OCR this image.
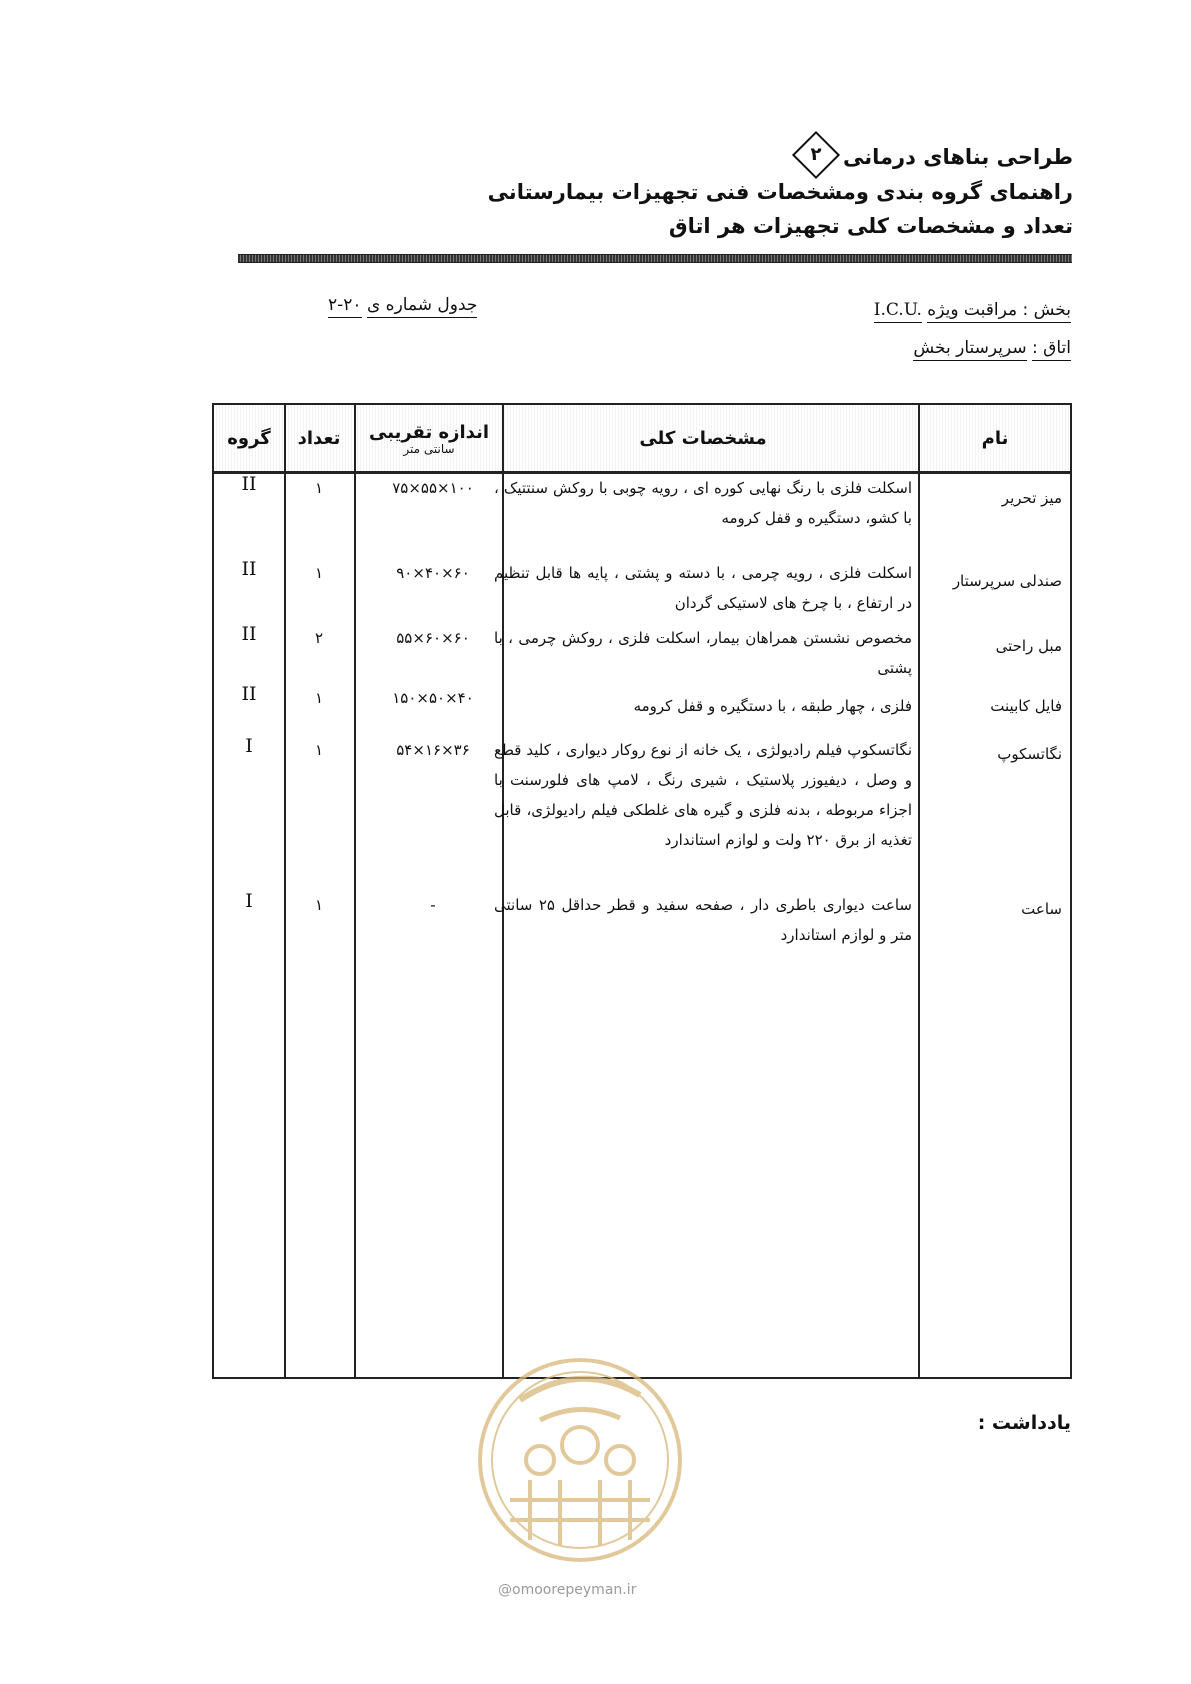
طراحی بناهای درمانی
۲
راهنمای گروه بندی ومشخصات فنی تجهیزات بیمارستانی
تعداد و مشخصات کلی تجهیزات هر اتاق
بخش : مراقبت ویژه I.C.U.
اتاق : سرپرستار بخش
جدول شماره ی ۲۰-۲
نام
مشخصات کلی
اندازه تقریبی
سانتی متر
تعداد
گروه
میز تحریر
اسکلت فلزی با رنگ نهایی کوره ای ، رویه چوبی با روکش سنتتیک ، با کشو، دستگیره و قفل کرومه
۱۰۰×۵۵×۷۵
۱
II
صندلی سرپرستار
اسکلت فلزی ، رویه چرمی ، با دسته و پشتی ، پایه ها قابل تنظیم در ارتفاع ، با چرخ های لاستیکی گردان
۶۰×۴۰×۹۰
۱
II
مبل راحتی
مخصوص نشستن همراهان بیمار، اسکلت فلزی ، روکش چرمی ، با پشتی
۶۰×۶۰×۵۵
۲
II
فایل کابینت
فلزی ، چهار طبقه ، با دستگیره و قفل کرومه
۴۰×۵۰×۱۵۰
۱
II
نگاتسکوپ
نگاتسکوپ فیلم رادیولژی ، یک خانه از نوع روکار دیواری ، کلید قطع و وصل ، دیفیوزر پلاستیک ، شیری رنگ ، لامپ های فلورسنت با اجزاء مربوطه ، بدنه فلزی و گیره های غلطکی فیلم رادیولژی، قابل تغذیه از برق ۲۲۰ ولت و لوازم استاندارد
۳۶×۱۶×۵۴
۱
I
ساعت
ساعت دیواری باطری دار ، صفحه سفید و قطر حداقل ۲۵ سانتی متر و لوازم استاندارد
-
۱
I
یادداشت :
@omoorepeyman.ir
